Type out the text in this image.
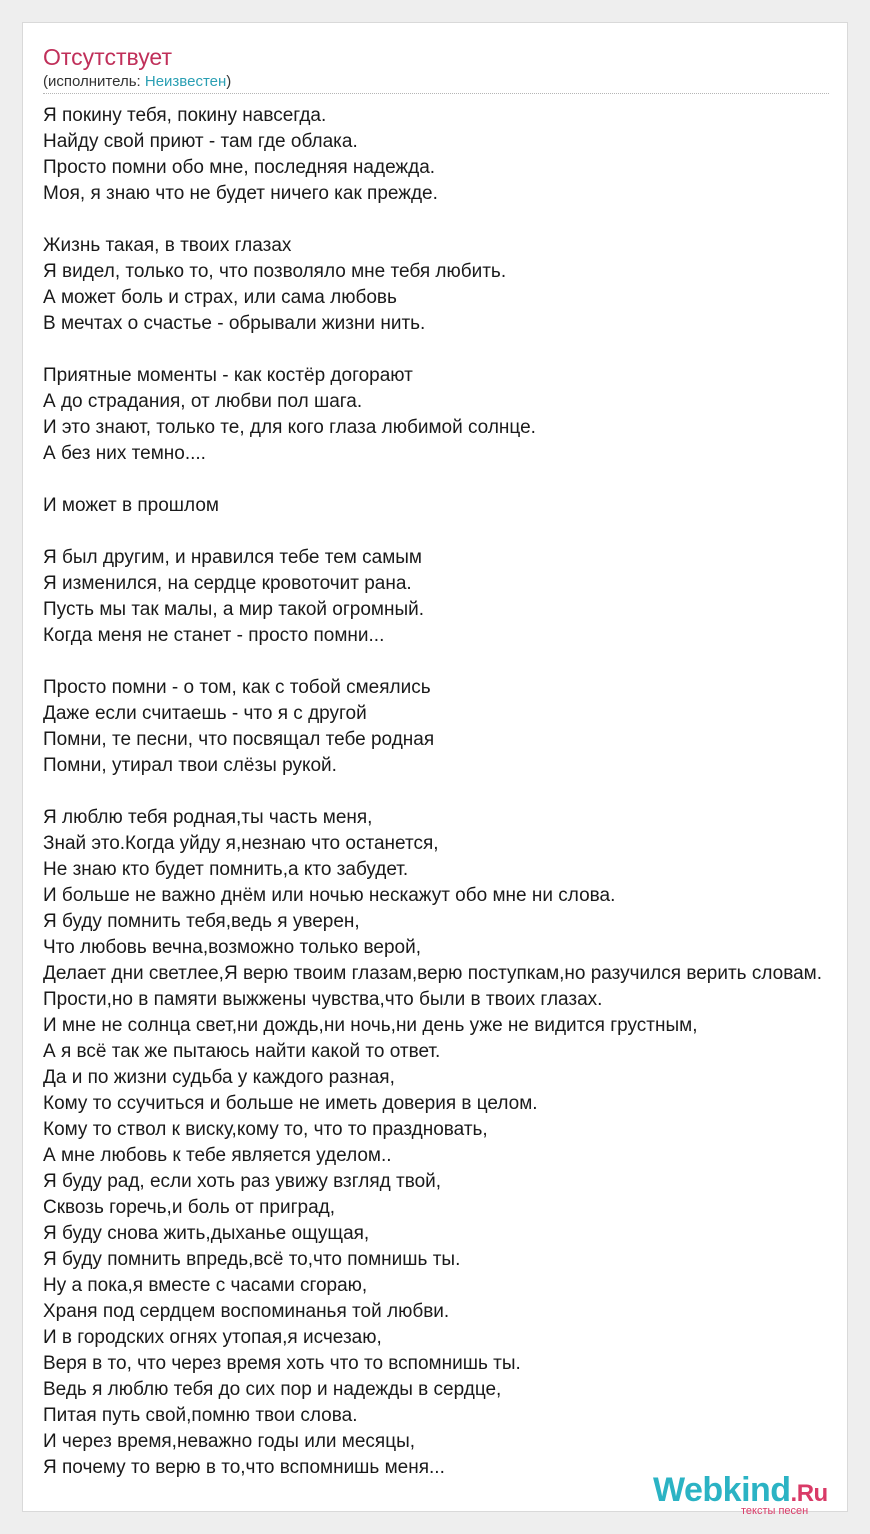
Отсутствует
(исполнитель: Неизвестен)
Я покину тебя, покину навсегда.
Найду свой приют - там где облака.
Просто помни обо мне, последняя надежда.
Моя, я знаю что не будет ничего как прежде.
Жизнь такая, в твоих глазах
Я видел, только то, что позволяло мне тебя любить.
А может боль и страх, или сама любовь
В мечтах о счастье - обрывали жизни нить.
Приятные моменты - как костёр догорают
А до страдания, от любви пол шага.
И это знают, только те, для кого глаза любимой солнце.
А без них темно....
И может в прошлом
Я был другим, и нравился тебе тем самым
Я изменился, на сердце кровоточит рана.
Пусть мы так малы, а мир такой огромный.
Когда меня не станет - просто помни...
Просто помни - о том, как с тобой смеялись
Даже если считаешь - что я с другой
Помни, те песни, что посвящал тебе родная
Помни, утирал твои слёзы рукой.
Я люблю тебя родная,ты часть меня,
Знай это.Когда уйду я,незнаю что останется,
Не знаю кто будет помнить,а кто забудет.
И больше не важно днём или ночью нескажут обо мне ни слова.
Я буду помнить тебя,ведь я уверен,
Что любовь вечна,возможно только верой,
Делает дни светлее,Я верю твоим глазам,верю поступкам,но разучился верить словам.
Прости,но в памяти выжжены чувства,что были в твоих глазах.
И мне не солнца свет,ни дождь,ни ночь,ни день уже не видится грустным,
А я всё так же пытаюсь найти какой то ответ.
Да и по жизни судьба у каждого разная,
Кому то ссучиться и больше не иметь доверия в целом.
Кому то ствол к виску,кому то, что то праздновать,
А мне любовь к тебе является уделом..
Я буду рад, если хоть раз увижу взгляд твой,
Сквозь горечь,и боль от приград,
Я буду снова жить,дыханье ощущая,
Я буду помнить впредь,всё то,что помнишь ты.
Ну а пока,я вместе с часами сгораю,
Храня под сердцем воспоминанья той любви.
И в городских огнях утопая,я исчезаю,
Веря в то, что через время хоть что то вспомнишь ты.
Ведь я люблю тебя до сих пор и надежды в сердце,
Питая путь свой,помню твои слова.
И через время,неважно годы или месяцы,
Я почему то верю в то,что вспомнишь меня...
Webkind.Ru
тексты песен
